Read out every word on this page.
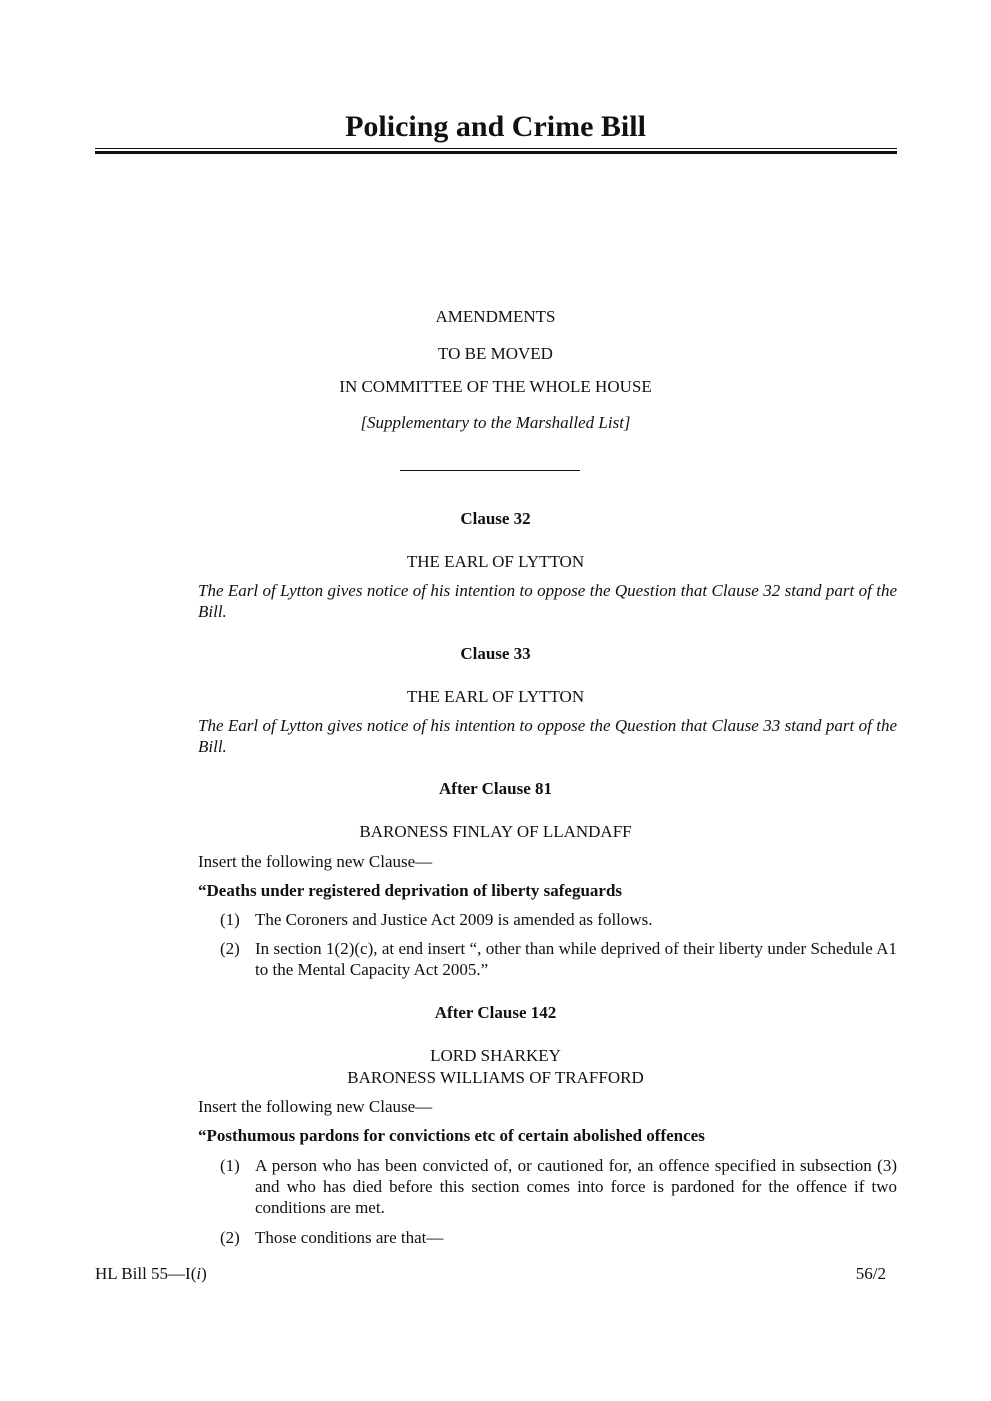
Policing and Crime Bill
AMENDMENTS
TO BE MOVED
IN COMMITTEE OF THE WHOLE HOUSE
[Supplementary to the Marshalled List]
Clause 32
THE EARL OF LYTTON
The Earl of Lytton gives notice of his intention to oppose the Question that Clause 32 stand part of the Bill.
Clause 33
THE EARL OF LYTTON
The Earl of Lytton gives notice of his intention to oppose the Question that Clause 33 stand part of the Bill.
After Clause 81
BARONESS FINLAY OF LLANDAFF
Insert the following new Clause—
“Deaths under registered deprivation of liberty safeguards
(1) The Coroners and Justice Act 2009 is amended as follows.
(2) In section 1(2)(c), at end insert “, other than while deprived of their liberty under Schedule A1 to the Mental Capacity Act 2005.”
After Clause 142
LORD SHARKEY
BARONESS WILLIAMS OF TRAFFORD
Insert the following new Clause—
“Posthumous pardons for convictions etc of certain abolished offences
(1) A person who has been convicted of, or cautioned for, an offence specified in subsection (3) and who has died before this section comes into force is pardoned for the offence if two conditions are met.
(2) Those conditions are that—
HL Bill 55—I(i)	56/2
